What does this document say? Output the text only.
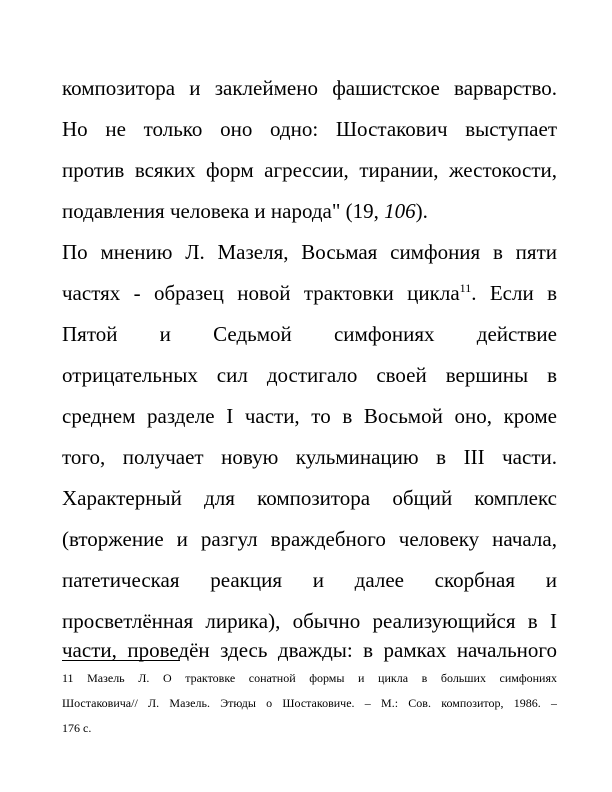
композитора и заклеймено фашистское варварство.
Но не только оно одно: Шостакович выступает
против всяких форм агрессии, тирании, жестокости,
подавления человека и народа" (19, 106).
По мнению Л. Мазеля, Восьмая симфония в пяти
частях - образец новой трактовки цикла$^{11}$. Если в
Пятой и Седьмой симфониях действие
отрицательных сил достигало своей вершины в
среднем разделе I части, то в Восьмой оно, кроме
того, получает новую кульминацию в III части.
Характерный для композитора общий комплекс
(вторжение и разгул враждебного человеку начала,
патетическая реакция и далее скорбная и
просветлённая лирика), обычно реализующийся в I
части, проведён здесь дважды: в рамках начального
11 Мазель Л. О трактовке сонатной формы и цикла в больших симфониях
Шостаковича// Л. Мазель. Этюды о Шостаковиче. – М.: Сов. композитор, 1986. –
176 с.
